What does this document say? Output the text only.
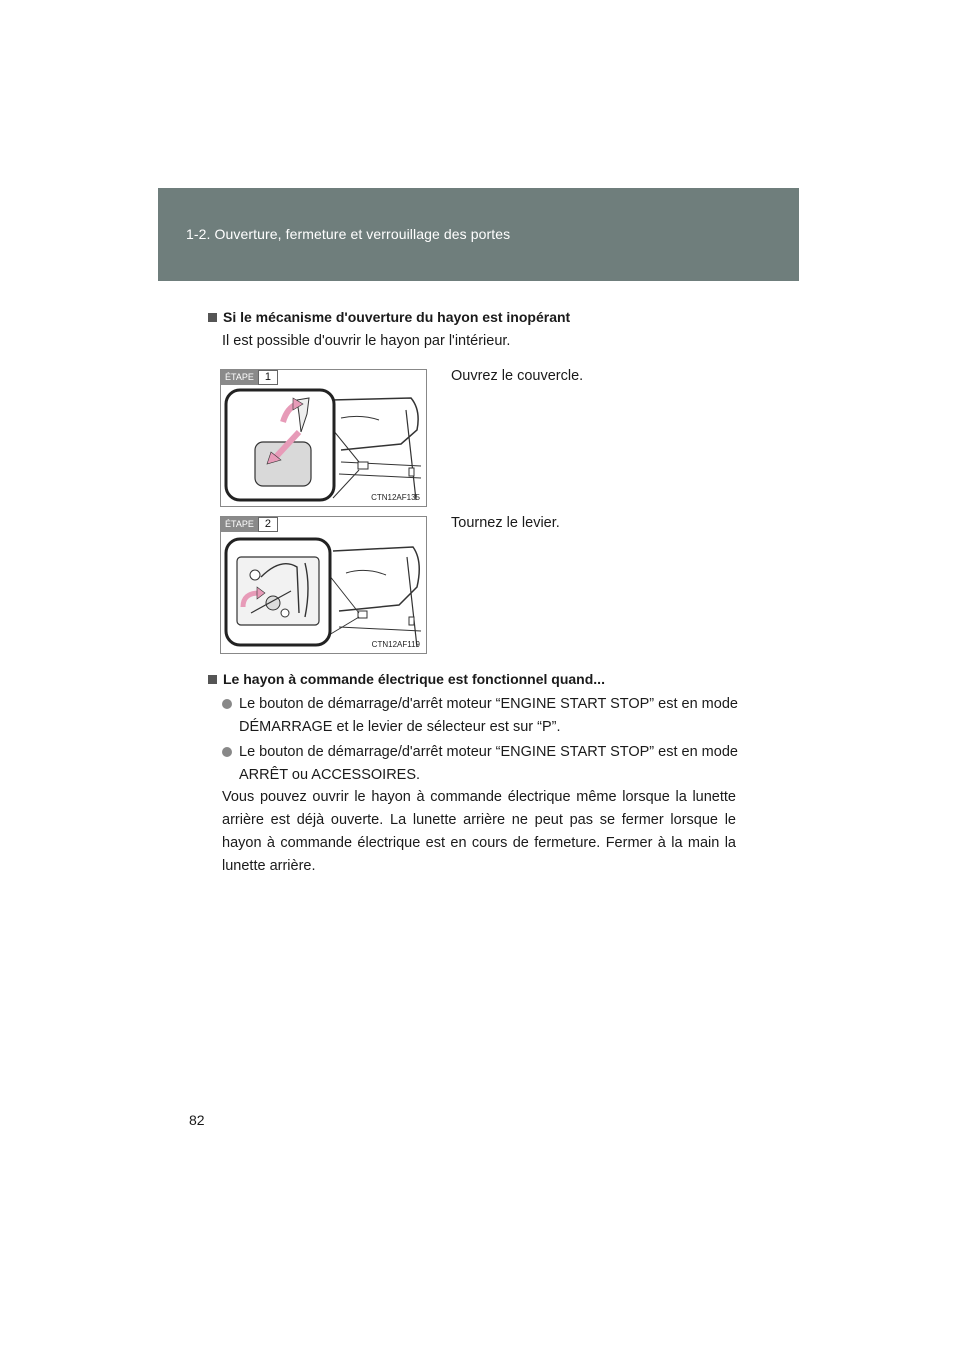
1-2. Ouverture, fermeture et verrouillage des portes
Si le mécanisme d'ouverture du hayon est inopérant
Il est possible d'ouvrir le hayon par l'intérieur.
ÉTAPE	1
CTN12AF135
Ouvrez le couvercle.
ÉTAPE	2
CTN12AF119
Tournez le levier.
Le hayon à commande électrique est fonctionnel quand...
Le bouton de démarrage/d'arrêt moteur “ENGINE START STOP” est en mode DÉMARRAGE et le levier de sélecteur est sur “P”.
Le bouton de démarrage/d'arrêt moteur “ENGINE START STOP” est en mode ARRÊT ou ACCESSOIRES.
Vous pouvez ouvrir le hayon à commande électrique même lorsque la lunette arrière est déjà ouverte. La lunette arrière ne peut pas se fermer lorsque le hayon à commande électrique est en cours de fermeture. Fermer à la main la lunette arrière.
82
